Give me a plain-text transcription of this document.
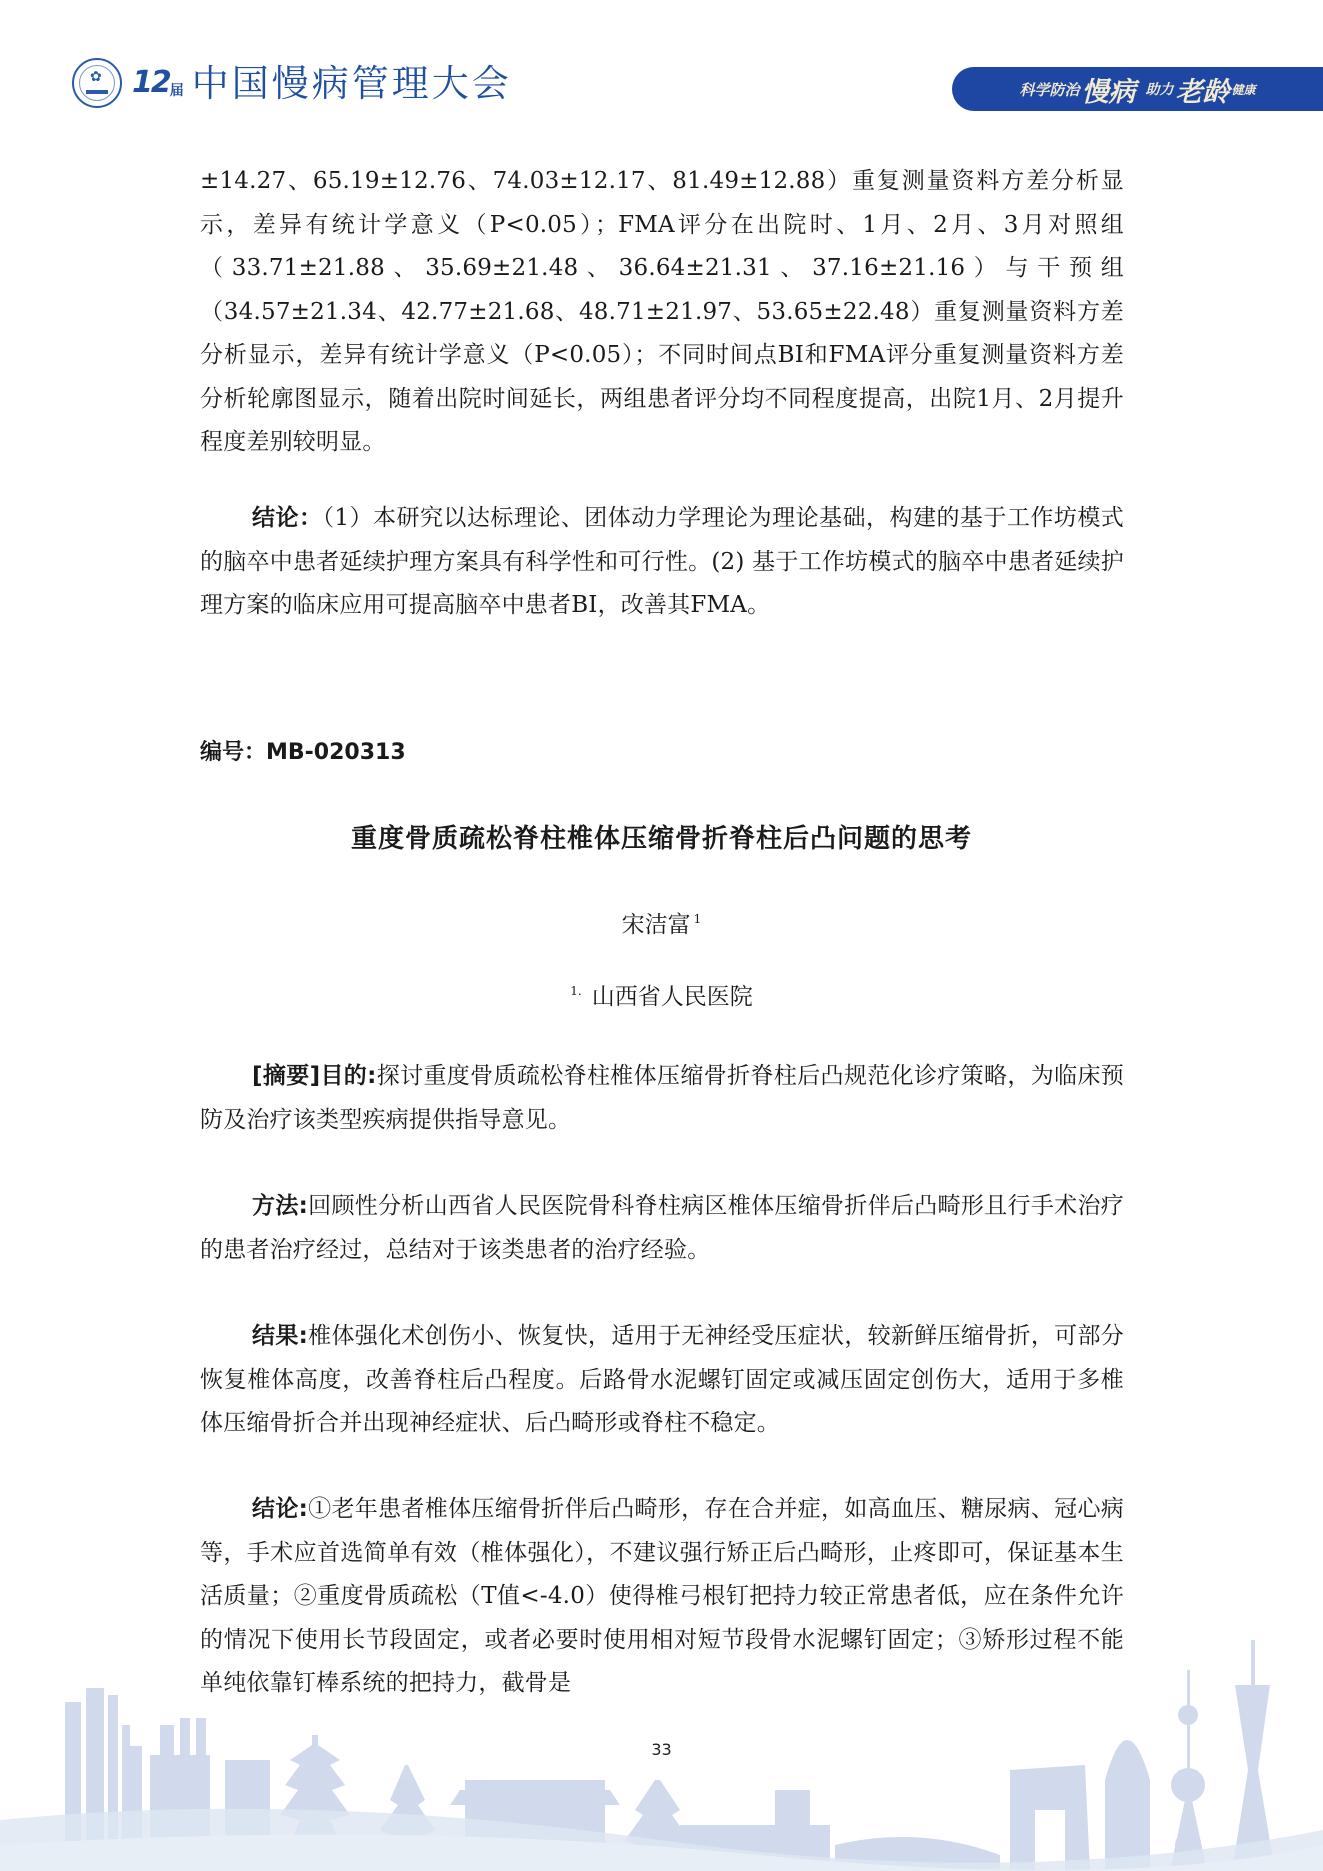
✿ 12届 中国慢病管理大会	科学防治 慢病 助力 老龄 健康

±14.27、65.19±12.76、74.03±12.17、81.49±12.88）重复测量资料方差分析显示，差异有统计学意义（P<0.05）；FMA评分在出院时、1月、2月、3月对照组（33.71±21.88、35.69±21.48、36.64±21.31、37.16±21.16）与干预组（34.57±21.34、42.77±21.68、48.71±21.97、53.65±22.48）重复测量资料方差分析显示，差异有统计学意义（P<0.05）；不同时间点BI和FMA评分重复测量资料方差分析轮廓图显示，随着出院时间延长，两组患者评分均不同程度提高，出院1月、2月提升程度差别较明显。

结论：（1）本研究以达标理论、团体动力学理论为理论基础，构建的基于工作坊模式的脑卒中患者延续护理方案具有科学性和可行性。(2) 基于工作坊模式的脑卒中患者延续护理方案的临床应用可提高脑卒中患者BI，改善其FMA。

编号：MB-020313
重度骨质疏松脊柱椎体压缩骨折脊柱后凸问题的思考
宋洁富 $^1$
$^{1.}$ 山西省人民医院

[摘要]目的:探讨重度骨质疏松脊柱椎体压缩骨折脊柱后凸规范化诊疗策略，为临床预防及治疗该类型疾病提供指导意见。

方法:回顾性分析山西省人民医院骨科脊柱病区椎体压缩骨折伴后凸畸形且行手术治疗的患者治疗经过，总结对于该类患者的治疗经验。

结果:椎体强化术创伤小、恢复快，适用于无神经受压症状，较新鲜压缩骨折，可部分恢复椎体高度，改善脊柱后凸程度。后路骨水泥螺钉固定或减压固定创伤大，适用于多椎体压缩骨折合并出现神经症状、后凸畸形或脊柱不稳定。

结论:①老年患者椎体压缩骨折伴后凸畸形，存在合并症，如高血压、糖尿病、冠心病等，手术应首选简单有效（椎体强化），不建议强行矫正后凸畸形，止疼即可，保证基本生活质量；②重度骨质疏松（T值<-4.0）使得椎弓根钉把持力较正常患者低，应在条件允许的情况下使用长节段固定，或者必要时使用相对短节段骨水泥螺钉固定；③矫形过程不能单纯依靠钉棒系统的把持力，截骨是

33
